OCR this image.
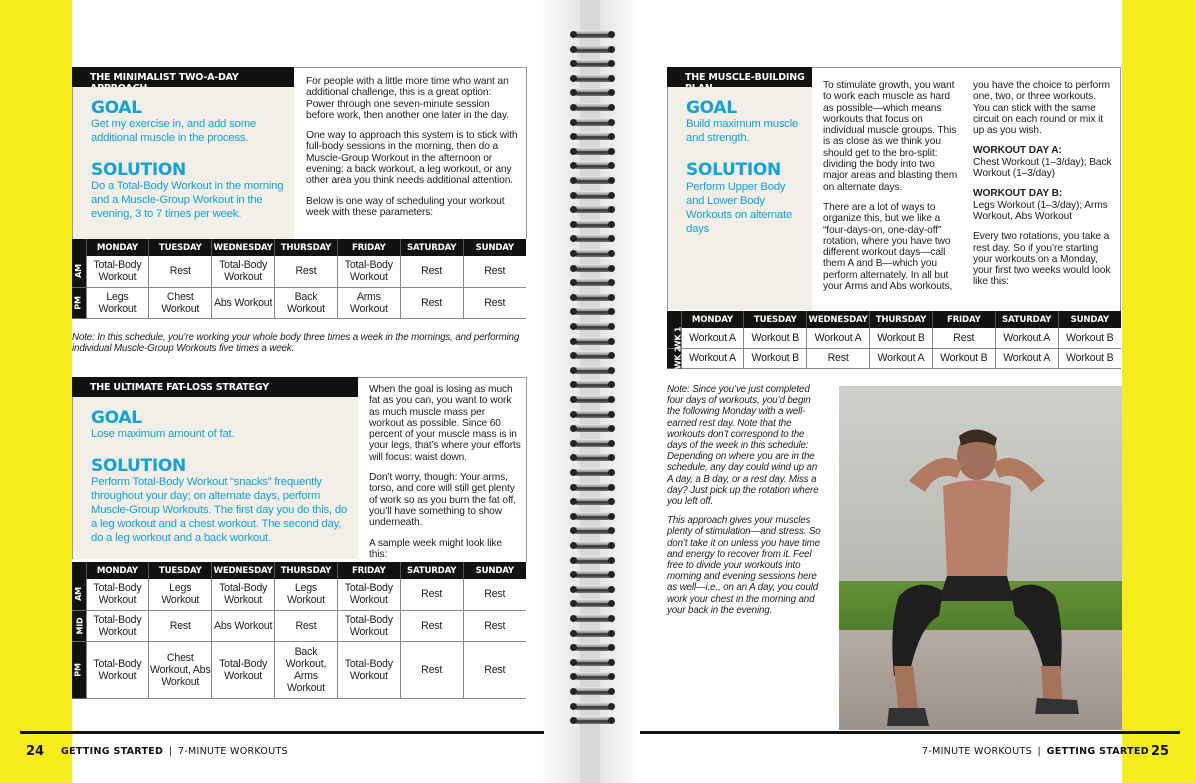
THE MINIMALIST TWO-A-DAY
GOAL
Get my exercise in, and add some additional muscle in the process.
SOLUTION
Do a Total-Body Workout in the morning and a Muscle-Group Workout in the evening, 3 to 7 times per week.

For people with a little more time who want an additional challenge, this is a great option: Power through one seven-minute session before work, then another one later in the day.

One way to approach this system is to stick with full-body sessions in the morning, then do a Muscle-Group Workout in the afternoon or evening: a back workout, a leg workout, or any other area you think needs additional attention.

Below is one way of scheduling your workout week with these parameters:

	MONDAY	TUESDAY	WEDNESDAY	THURSDAY	FRIDAY	SATURDAY	SUNDAY
AM	Total-Body Workout	Rest	Total-Body Workout	Rest	Total-Body Workout	Rest	Rest
PM	Legs Workout	Chest Workout	Abs Workout	Back Workout	Arms Workout	Rest	Rest
Note: In this schedule, you’re working your whole body three times a week in the mornings, and performing individual Muscle-Group Workouts five times a week.
THE ULTIMATE FAT-LOSS STRATEGY
GOAL
Lose maximum amount of fat.
SOLUTION
Perform Total-Body Workout “snacks” frequently throughout your day; on alternate days, perform Muscle-Group Workouts. The first day you do this, do a leg workout and a chest workout. The second day, do a leg workout and a back workout.

When the goal is losing as much fat as you can, you want to work as much muscle mass per workout as possible. Since 60 percent of your muscle mass is in your legs, that’s where your efforts will focus: waist down.

Don’t worry, though: Your arms, torso, and core will still get plenty of work so as you burn the fat off, you’ll have something to show underneath.

A sample week might look like this:

	MONDAY	TUESDAY	WEDNESDAY	THURSDAY	FRIDAY	SATURDAY	SUNDAY
AM	Total-Body Workout	Legs Workout	Total-Body Workout	Legs Workout	Total-Body Workout	Rest	Rest
MID	Total-Body Workout	Rest	Abs Workout	Rest	Total-Body Workout	Rest	Rest
PM	Total-Body Workout	Chest Workout, Abs Workout	Total-Body Workout	Back Workout, Arms Workout	Total-Body Workout	Rest	Rest
THE MUSCLE-BUILDING
GOAL
Build maximum muscle and strength.
SOLUTION
Perform Upper Body and Lower Body Workouts on alternate days

To stimulate growth, you want to work each muscle as hard as possible—which means workouts that focus on individual muscle groups. This is as close as we think you should get to the bro-split: dividing the body into two major areas and blasting them on alternate days.

There are a lot of ways to organize this, but we like a “four-days-on, one-day-off” rotation, where you have two different workout days—call them A and B—which you perform alternately. In all but your Arms and Abs workouts,

you have the choice to perform one, two, or three workouts. You can stick with the same circuit on each round or mix it up as you wish.

WORKOUT DAY A:
Chest Workout (1–3/day); Back Workout (1–3/day)

WORKOUT DAY B:
Legs Workout (1–3/day); Arms Workout, Abs Workout

Every two rotations, you take a rest day. So if you’re starting your workouts on a Monday, your first two weeks would look like this:

	MONDAY	TUESDAY	WEDNESDAY	THURSDAY	FRIDAY	SATURDAY	SUNDAY
WK 1	Workout A	Workout B	Workout A	Workout B	Rest	Workout A	Workout B
WK 2	Workout A	Workout B	Rest	Workout A	Workout B	Workout A	Workout B

Note: Since you’ve just completed four days of workouts, you’d begin the following Monday with a well-earned rest day. Note that the workouts don’t correspond to the days of the week in this schedule: Depending on where you are in the schedule, any day could wind up an A day, a B day, or a rest day. Miss a day? Just pick up the rotation where you left off.

This approach gives your muscles plenty of stimulation—and stress. So don’t take it on unless you have time and energy to recover from it. Feel free to divide your workouts into morning and evening sessions here as well—i.e., on an A day, you could work your chest in the morning and your back in the evening.

24 GETTING STARTED | 7-MINUTE WORKOUTS	7-MINUTE WORKOUTS | GETTING STARTED 25
